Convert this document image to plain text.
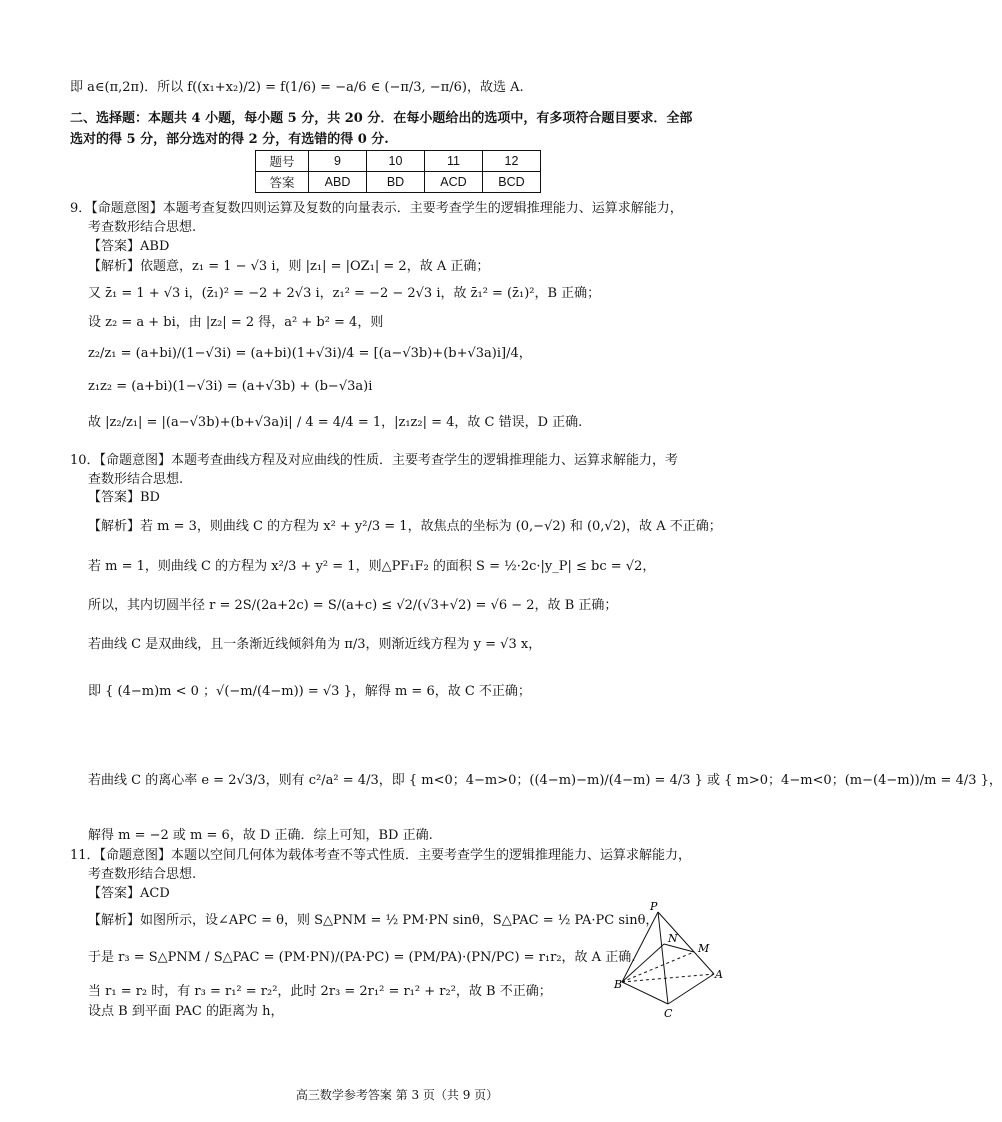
即 a∈(π,2π)．所以 f((x₁+x₂)/2) = f(1/6) = −a/6 ∈ (−π/3, −π/6)，故选 A.
二、选择题：本题共 4 小题，每小题 5 分，共 20 分．在每小题给出的选项中，有多项符合题目要求．全部
选对的得 5 分，部分选对的得 2 分，有选错的得 0 分.
题号	9	10	11	12
答案	ABD	BD	ACD	BCD
9．【命题意图】本题考查复数四则运算及复数的向量表示．主要考查学生的逻辑推理能力、运算求解能力，
考查数形结合思想.
【答案】ABD
【解析】依题意，z₁ = 1 − √3 i，则 |z₁| = |OZ₁| = 2，故 A 正确；
又 z̄₁ = 1 + √3 i，(z̄₁)² = −2 + 2√3 i，z₁² = −2 − 2√3 i，故 z̄₁² = (z̄₁)²，B 正确；
设 z₂ = a + bi，由 |z₂| = 2 得，a² + b² = 4，则
z₂/z₁ = (a+bi)/(1−√3i) = (a+bi)(1+√3i)/4 = [(a−√3b)+(b+√3a)i]/4，
z₁z₂ = (a+bi)(1−√3i) = (a+√3b) + (b−√3a)i
故 |z₂/z₁| = |(a−√3b)+(b+√3a)i| / 4 = 4/4 = 1，|z₁z₂| = 4，故 C 错误，D 正确.
10．【命题意图】本题考查曲线方程及对应曲线的性质．主要考查学生的逻辑推理能力、运算求解能力，考
查数形结合思想.
【答案】BD
【解析】若 m = 3，则曲线 C 的方程为 x² + y²/3 = 1，故焦点的坐标为 (0,−√2) 和 (0,√2)，故 A 不正确；
若 m = 1，则曲线 C 的方程为 x²/3 + y² = 1，则△PF₁F₂ 的面积 S = ½·2c·|y_P| ≤ bc = √2，
所以，其内切圆半径 r = 2S/(2a+2c) = S/(a+c) ≤ √2/(√3+√2) = √6 − 2，故 B 正确；
若曲线 C 是双曲线，且一条渐近线倾斜角为 π/3，则渐近线方程为 y = √3 x，
即 { (4−m)m < 0 ；√(−m/(4−m)) = √3 }，解得 m = 6，故 C 不正确；
若曲线 C 的离心率 e = 2√3/3，则有 c²/a² = 4/3，即 { m<0；4−m>0；((4−m)−m)/(4−m) = 4/3 } 或 { m>0；4−m<0；(m−(4−m))/m = 4/3 }，
解得 m = −2 或 m = 6，故 D 正确．综上可知，BD 正确.
11．【命题意图】本题以空间几何体为载体考查不等式性质．主要考查学生的逻辑推理能力、运算求解能力，
考查数形结合思想.
【答案】ACD
【解析】如图所示，设∠APC = θ，则 S△PNM = ½ PM·PN sinθ，S△PAC = ½ PA·PC sinθ，
于是 r₃ = S△PNM / S△PAC = (PM·PN)/(PA·PC) = (PM/PA)·(PN/PC) = r₁r₂，故 A 正确.
当 r₁ = r₂ 时，有 r₃ = r₁² = r₂²，此时 2r₃ = 2r₁² = r₁² + r₂²，故 B 不正确；
设点 B 到平面 PAC 的距离为 h，
P
N
M
A
B
C
高三数学参考答案 第 3 页（共 9 页）
